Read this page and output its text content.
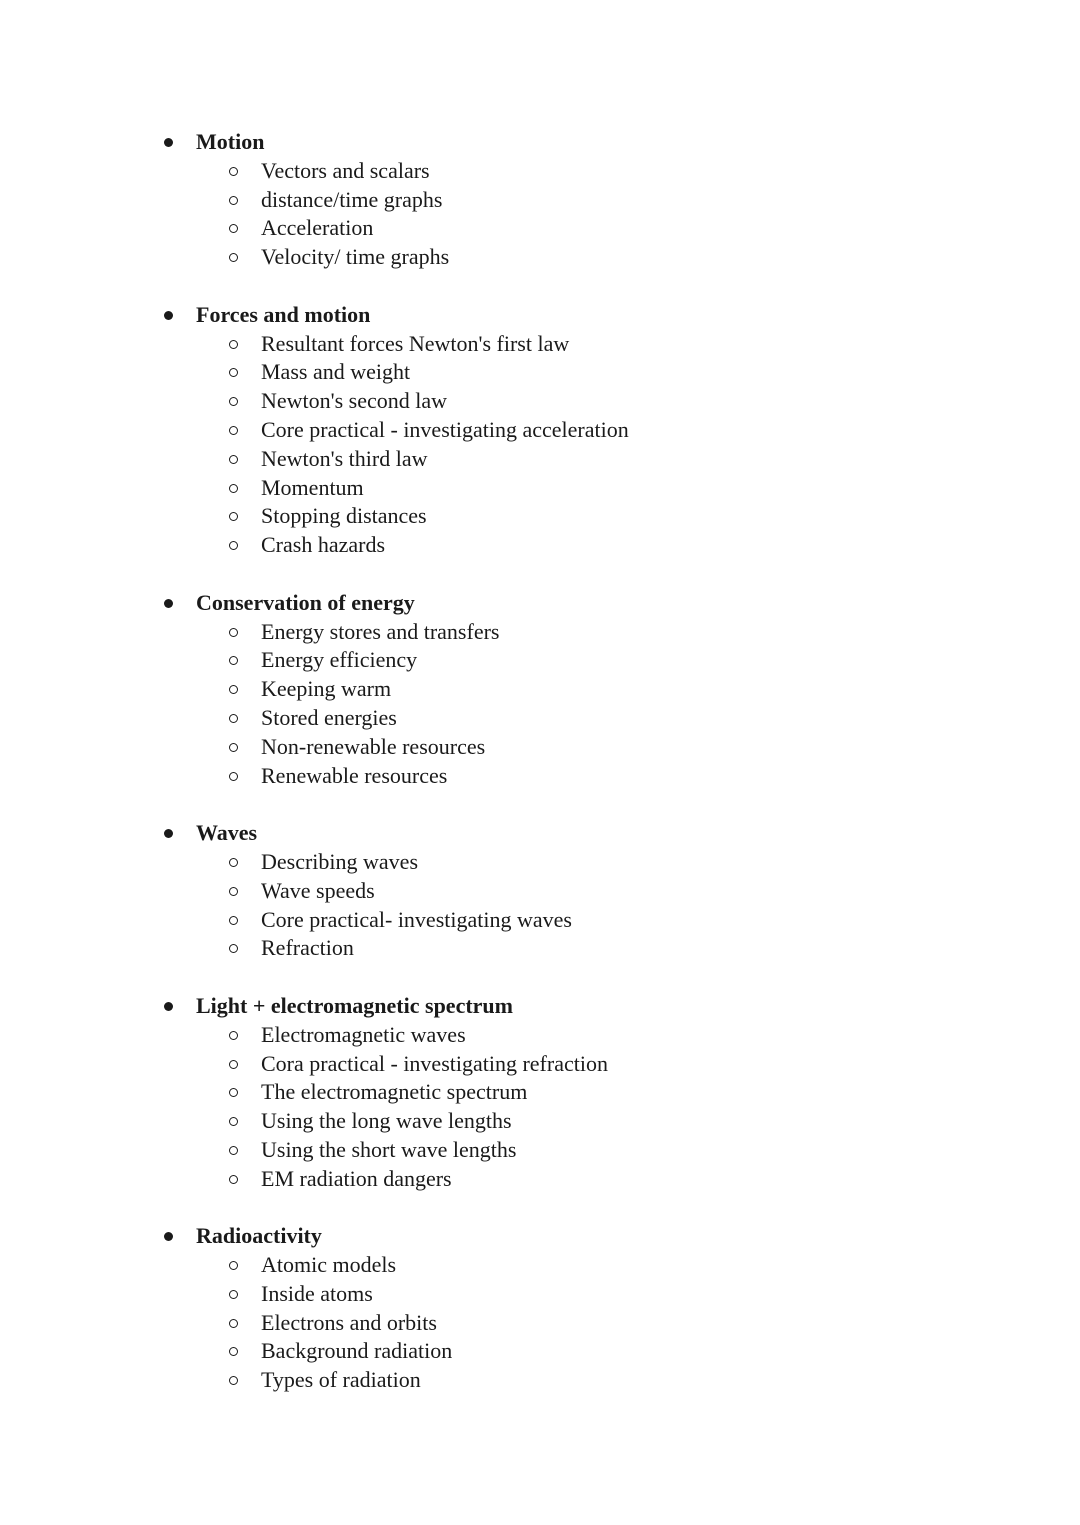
Motion
Vectors and scalars
distance/time graphs
Acceleration
Velocity/ time graphs
Forces and motion
Resultant forces Newton's first law
Mass and weight
Newton's second law
Core practical - investigating acceleration
Newton's third law
Momentum
Stopping distances
Crash hazards
Conservation of energy
Energy stores and transfers
Energy efficiency
Keeping warm
Stored energies
Non-renewable resources
Renewable resources
Waves
Describing waves
Wave speeds
Core practical- investigating waves
Refraction
Light + electromagnetic spectrum
Electromagnetic waves
Cora practical - investigating refraction
The electromagnetic spectrum
Using the long wave lengths
Using the short wave lengths
EM radiation dangers
Radioactivity
Atomic models
Inside atoms
Electrons and orbits
Background radiation
Types of radiation
